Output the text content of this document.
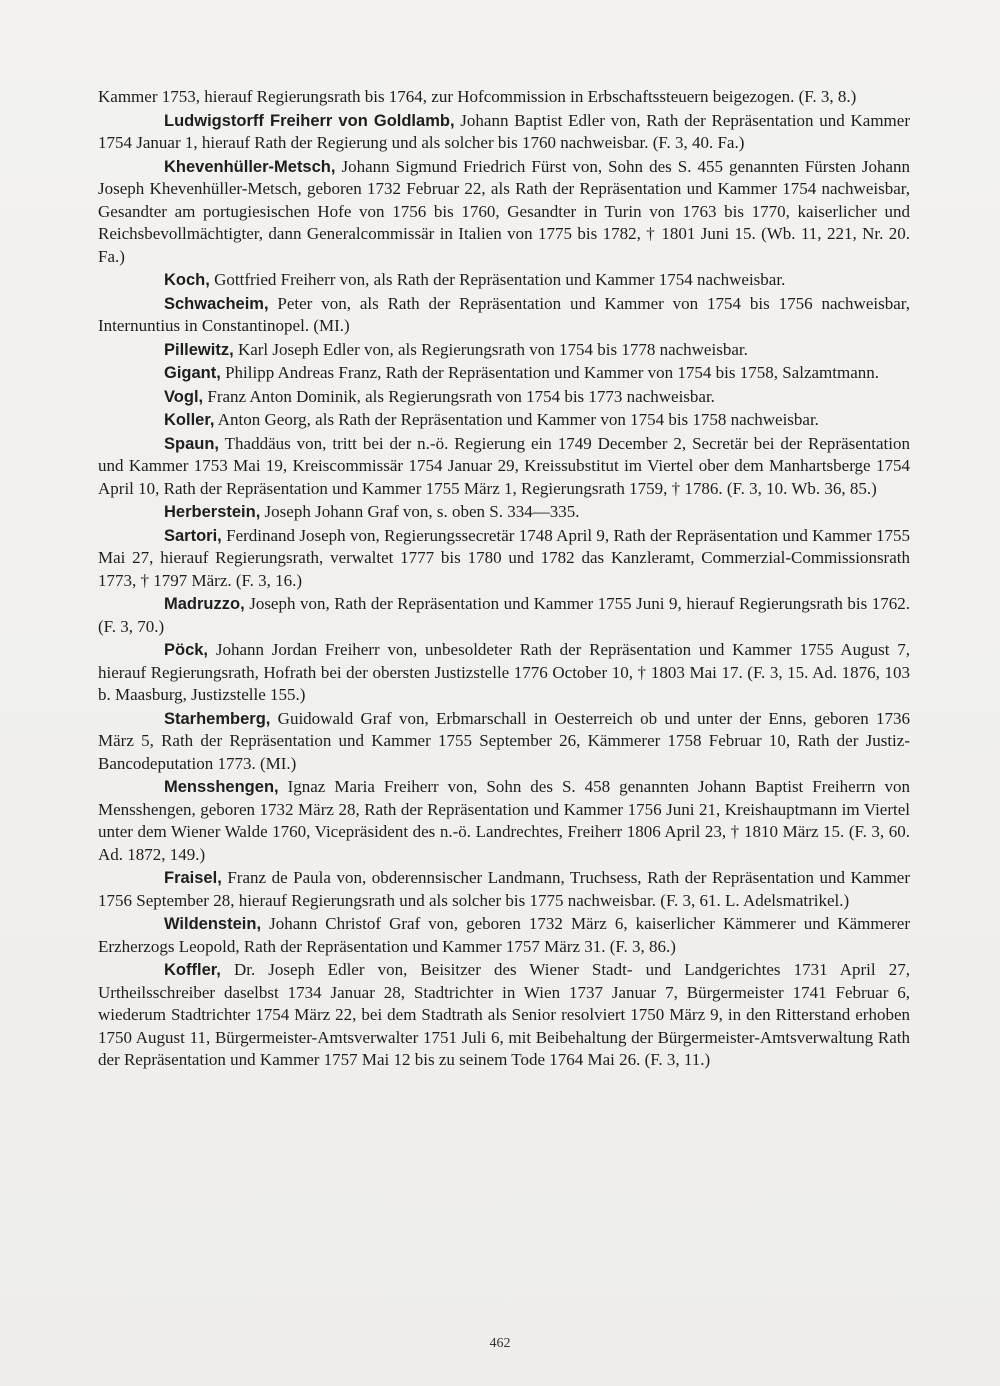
Kammer 1753, hierauf Regierungsrath bis 1764, zur Hofcommission in Erbschaftssteuern beigezogen. (F. 3, 8.)

Ludwigstorff Freiherr von Goldlamb, Johann Baptist Edler von, Rath der Repräsentation und Kammer 1754 Januar 1, hierauf Rath der Regierung und als solcher bis 1760 nachweisbar. (F. 3, 40. Fa.)

Khevenhüller-Metsch, Johann Sigmund Friedrich Fürst von, Sohn des S. 455 genannten Fürsten Johann Joseph Khevenhüller-Metsch, geboren 1732 Februar 22, als Rath der Repräsentation und Kammer 1754 nachweisbar, Gesandter am portugiesischen Hofe von 1756 bis 1760, Gesandter in Turin von 1763 bis 1770, kaiserlicher und Reichsbevollmächtigter, dann Generalcommissär in Italien von 1775 bis 1782, † 1801 Juni 15. (Wb. 11, 221, Nr. 20. Fa.)

Koch, Gottfried Freiherr von, als Rath der Repräsentation und Kammer 1754 nachweisbar.

Schwacheim, Peter von, als Rath der Repräsentation und Kammer von 1754 bis 1756 nachweisbar, Internuntius in Constantinopel. (MI.)

Pillewitz, Karl Joseph Edler von, als Regierungsrath von 1754 bis 1778 nachweisbar.

Gigant, Philipp Andreas Franz, Rath der Repräsentation und Kammer von 1754 bis 1758, Salzamtmann.

Vogl, Franz Anton Dominik, als Regierungsrath von 1754 bis 1773 nachweisbar.

Koller, Anton Georg, als Rath der Repräsentation und Kammer von 1754 bis 1758 nachweisbar.

Spaun, Thaddäus von, tritt bei der n.-ö. Regierung ein 1749 December 2, Secretär bei der Repräsentation und Kammer 1753 Mai 19, Kreiscommissär 1754 Januar 29, Kreissubstitut im Viertel ober dem Manhartsberge 1754 April 10, Rath der Repräsentation und Kammer 1755 März 1, Regierungsrath 1759, † 1786. (F. 3, 10. Wb. 36, 85.)

Herberstein, Joseph Johann Graf von, s. oben S. 334—335.

Sartori, Ferdinand Joseph von, Regierungssecretär 1748 April 9, Rath der Repräsentation und Kammer 1755 Mai 27, hierauf Regierungsrath, verwaltet 1777 bis 1780 und 1782 das Kanzleramt, Commerzial-Commissionsrath 1773, † 1797 März. (F. 3, 16.)

Madruzzo, Joseph von, Rath der Repräsentation und Kammer 1755 Juni 9, hierauf Regierungsrath bis 1762. (F. 3, 70.)

Pöck, Johann Jordan Freiherr von, unbesoldeter Rath der Repräsentation und Kammer 1755 August 7, hierauf Regierungsrath, Hofrath bei der obersten Justizstelle 1776 October 10, † 1803 Mai 17. (F. 3, 15. Ad. 1876, 103 b. Maasburg, Justizstelle 155.)

Starhemberg, Guidowald Graf von, Erbmarschall in Oesterreich ob und unter der Enns, geboren 1736 März 5, Rath der Repräsentation und Kammer 1755 September 26, Kämmerer 1758 Februar 10, Rath der Justiz-Bancodeputation 1773. (MI.)

Mensshengen, Ignaz Maria Freiherr von, Sohn des S. 458 genannten Johann Baptist Freiherrn von Mensshengen, geboren 1732 März 28, Rath der Repräsentation und Kammer 1756 Juni 21, Kreishauptmann im Viertel unter dem Wiener Walde 1760, Vicepräsident des n.-ö. Landrechtes, Freiherr 1806 April 23, † 1810 März 15. (F. 3, 60. Ad. 1872, 149.)

Fraisel, Franz de Paula von, obderennsischer Landmann, Truchsess, Rath der Repräsentation und Kammer 1756 September 28, hierauf Regierungsrath und als solcher bis 1775 nachweisbar. (F. 3, 61. L. Adelsmatrikel.)

Wildenstein, Johann Christof Graf von, geboren 1732 März 6, kaiserlicher Kämmerer und Kämmerer Erzherzogs Leopold, Rath der Repräsentation und Kammer 1757 März 31. (F. 3, 86.)

Koffler, Dr. Joseph Edler von, Beisitzer des Wiener Stadt- und Landgerichtes 1731 April 27, Urtheilsschreiber daselbst 1734 Januar 28, Stadtrichter in Wien 1737 Januar 7, Bürgermeister 1741 Februar 6, wiederum Stadtrichter 1754 März 22, bei dem Stadtrath als Senior resolviert 1750 März 9, in den Ritterstand erhoben 1750 August 11, Bürgermeister-Amtsverwalter 1751 Juli 6, mit Beibehaltung der Bürgermeister-Amtsverwaltung Rath der Repräsentation und Kammer 1757 Mai 12 bis zu seinem Tode 1764 Mai 26. (F. 3, 11.)

462
